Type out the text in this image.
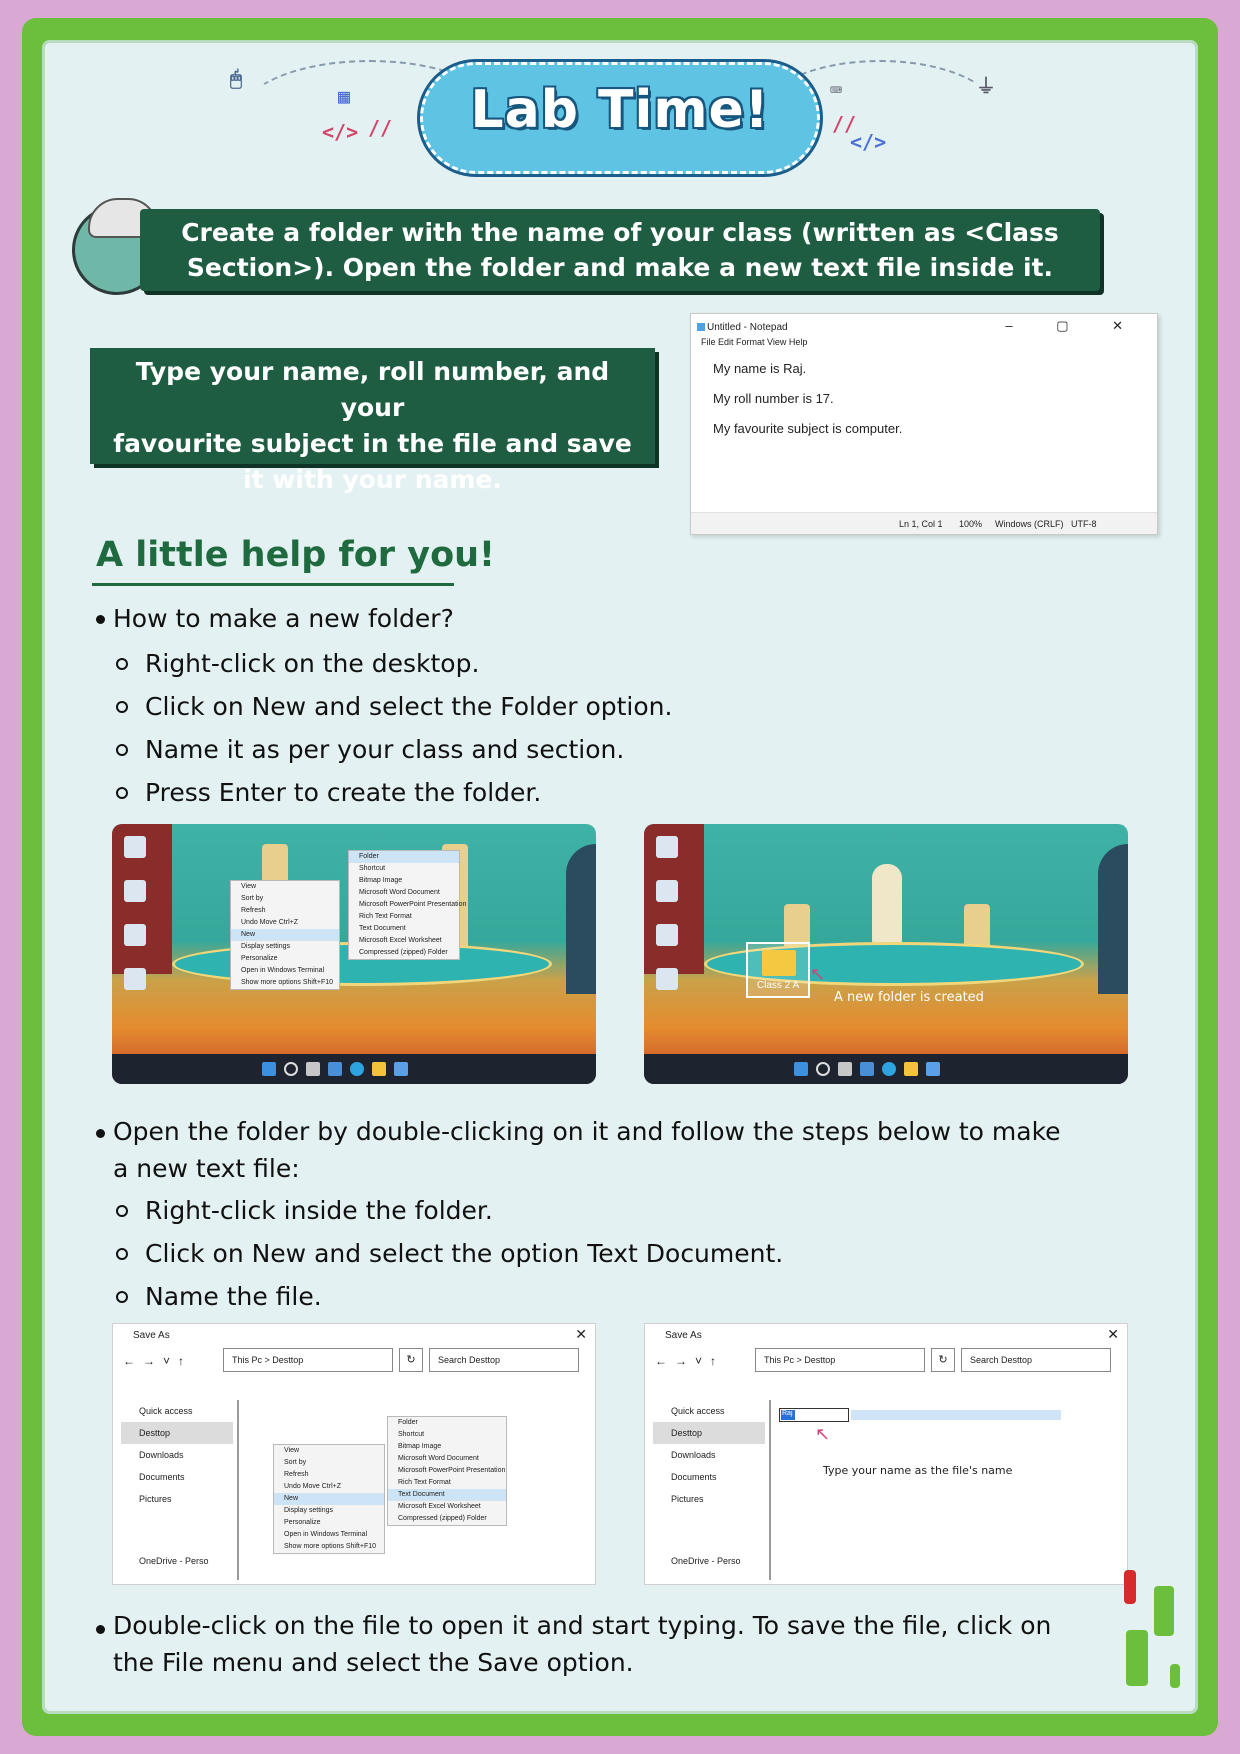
🖱
▦
</> //
⌨	⏚
</>
//
Lab Time!
Create a folder with the name of your class (written as <Class
Section>). Open the folder and make a new text file inside it.
Type your name, roll number, and your
favourite subject in the file and save
it with your name.
Untitled - Notepad	– ▢ ✕
File Edit Format View Help
My name is Raj.
My roll number is 17.
My favourite subject is computer.
Ln 1, Col 1 100% Windows (CRLF) UTF-8
A little help for you!
How to make a new folder?
Right-click on the desktop.
Click on New and select the Folder option.
Name it as per your class and section.
Press Enter to create the folder.
View
Sort by
Refresh
Undo Move Ctrl+Z
New
Display settings
Personalize
Open in Windows Terminal
Show more options Shift+F10
Folder
Shortcut
Bitmap Image
Microsoft Word Document
Microsoft PowerPoint Presentation
Rich Text Format
Text Document
Microsoft Excel Worksheet
Compressed (zipped) Folder
Class 2 A
↖
A new folder is created
Open the folder by double-clicking on it and follow the steps below to make
a new text file:
Right-click inside the folder.
Click on New and select the option Text Document.
Name the file.
Save As	✕
←→˅↑	This Pc > Desttop	↻	Search Desttop
Quick access
Desttop
Downloads
Documents
Pictures
OneDrive - Perso
View
Sort by
Refresh
Undo Move Ctrl+Z
New
Display settings
Personalize
Open in Windows Terminal
Show more options Shift+F10
Folder
Shortcut
Bitmap Image
Microsoft Word Document
Microsoft PowerPoint Presentation
Rich Text Format
Text Document
Microsoft Excel Worksheet
Compressed (zipped) Folder
Save As	✕
←→˅↑	This Pc > Desttop	↻	Search Desttop
Quick access
Desttop
Downloads
Documents
Pictures
OneDrive - Perso
Raj
↖
Type your name as the file's name
Double-click on the file to open it and start typing. To save the file, click on
the File menu and select the Save option.
